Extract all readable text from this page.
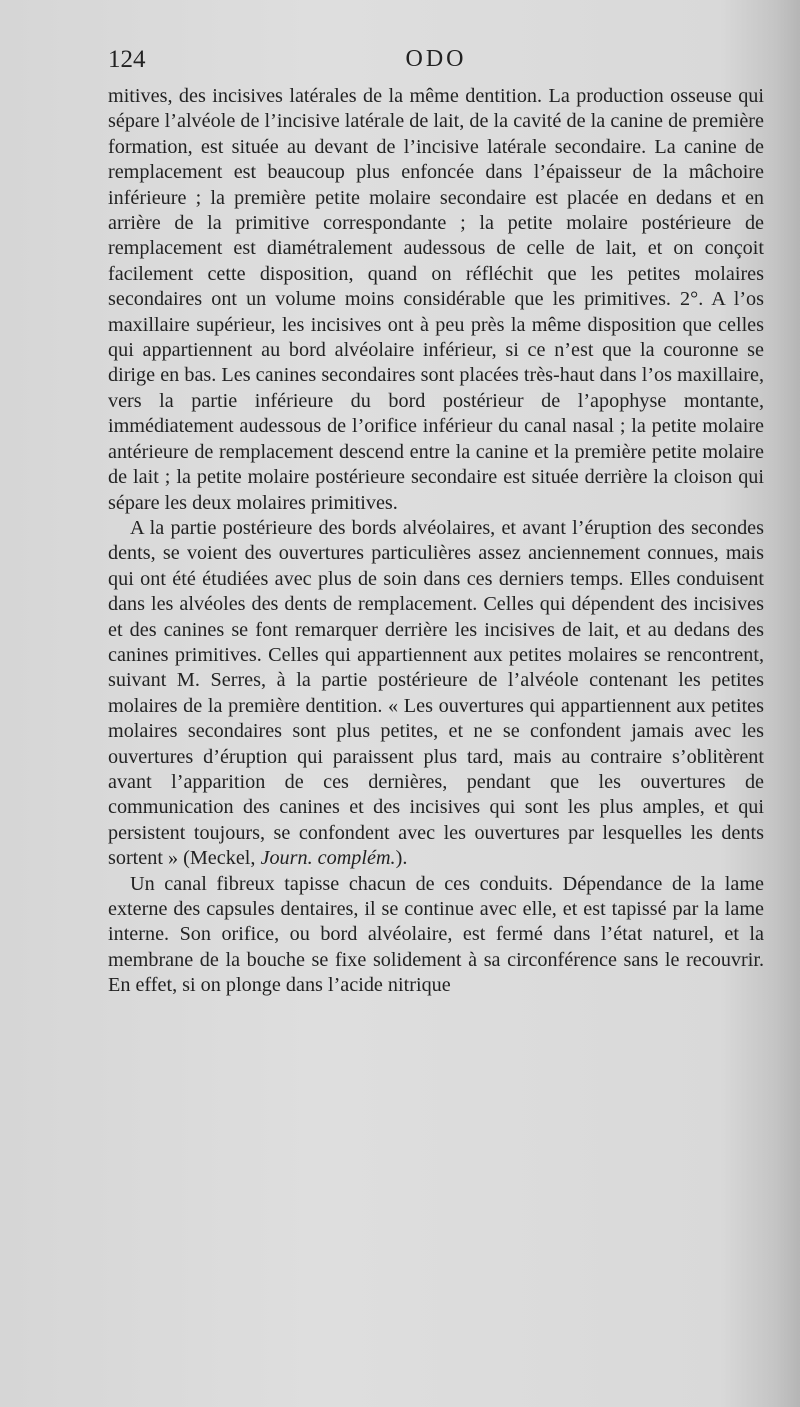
124	ODO

mitives, des incisives latérales de la même dentition. La production osseuse qui sépare l’alvéole de l’incisive latérale de lait, de la cavité de la canine de première formation, est située au devant de l’incisive latérale secondaire. La canine de remplacement est beaucoup plus enfoncée dans l’épaisseur de la mâchoire inférieure ; la première petite molaire secondaire est placée en dedans et en arrière de la primitive correspondante ; la petite molaire postérieure de remplacement est diamétralement audessous de celle de lait, et on conçoit facilement cette disposition, quand on réfléchit que les petites molaires secondaires ont un volume moins considérable que les primitives. 2°. A l’os maxillaire supérieur, les incisives ont à peu près la même disposition que celles qui appartiennent au bord alvéolaire inférieur, si ce n’est que la couronne se dirige en bas. Les canines secondaires sont placées très-haut dans l’os maxillaire, vers la partie inférieure du bord postérieur de l’apophyse montante, immédiatement audessous de l’orifice inférieur du canal nasal ; la petite molaire antérieure de remplacement descend entre la canine et la première petite molaire de lait ; la petite molaire postérieure secondaire est située derrière la cloison qui sépare les deux molaires primitives.

A la partie postérieure des bords alvéolaires, et avant l’éruption des secondes dents, se voient des ouvertures particulières assez anciennement connues, mais qui ont été étudiées avec plus de soin dans ces derniers temps. Elles conduisent dans les alvéoles des dents de remplacement. Celles qui dépendent des incisives et des canines se font remarquer derrière les incisives de lait, et au dedans des canines primitives. Celles qui appartiennent aux petites molaires se rencontrent, suivant M. Serres, à la partie postérieure de l’alvéole contenant les petites molaires de la première dentition. « Les ouvertures qui appartiennent aux petites molaires secondaires sont plus petites, et ne se confondent jamais avec les ouvertures d’éruption qui paraissent plus tard, mais au contraire s’oblitèrent avant l’apparition de ces dernières, pendant que les ouvertures de communication des canines et des incisives qui sont les plus amples, et qui persistent toujours, se confondent avec les ouvertures par lesquelles les dents sortent » (Meckel, Journ. complém.).

Un canal fibreux tapisse chacun de ces conduits. Dépendance de la lame externe des capsules dentaires, il se continue avec elle, et est tapissé par la lame interne. Son orifice, ou bord alvéolaire, est fermé dans l’état naturel, et la membrane de la bouche se fixe solidement à sa circonférence sans le recouvrir. En effet, si on plonge dans l’acide nitrique
